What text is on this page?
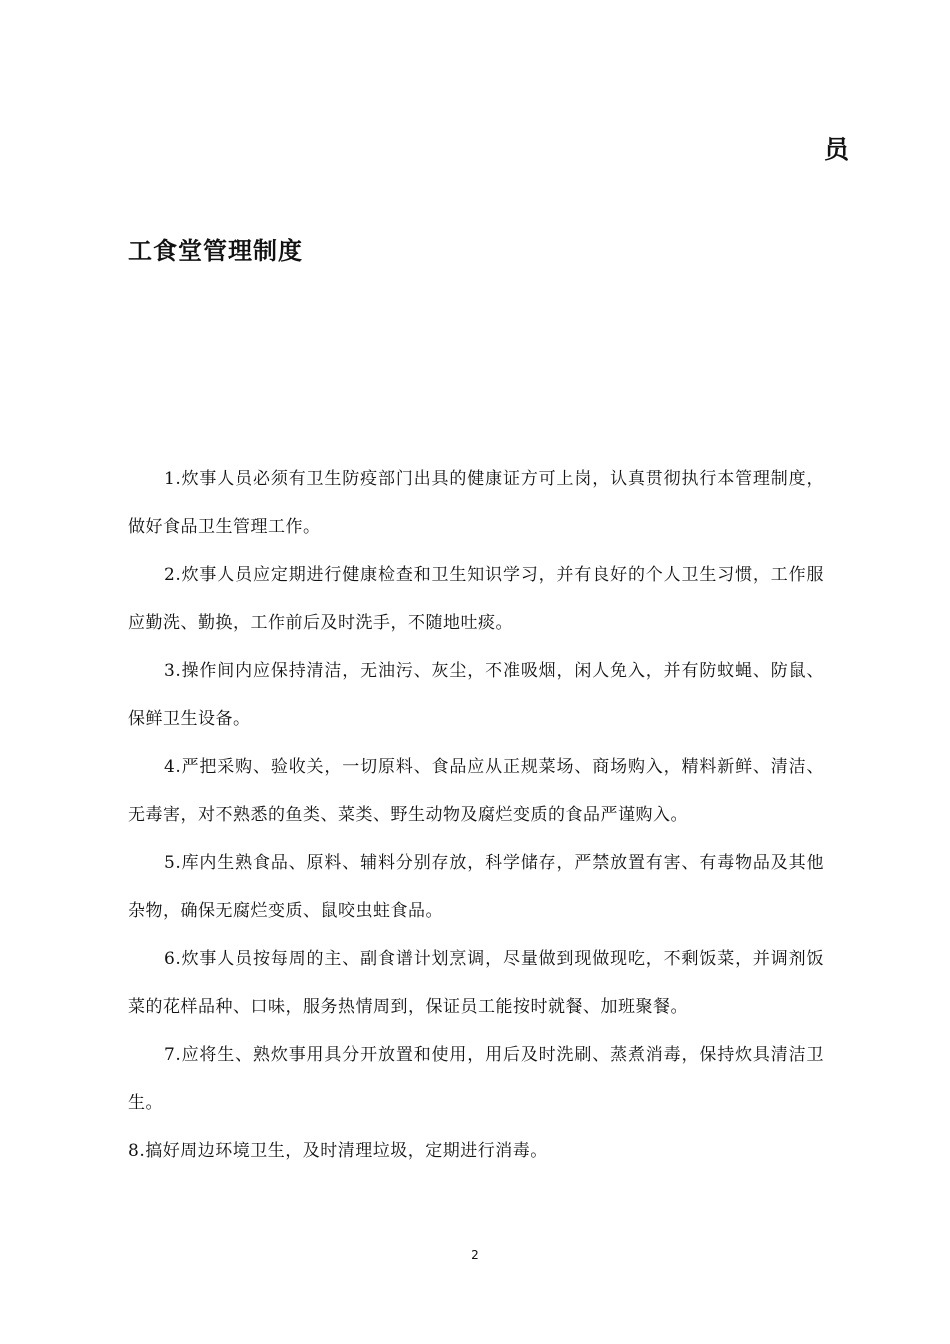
员
工食堂管理制度

1.炊事人员必须有卫生防疫部门出具的健康证方可上岗，认真贯彻执行本管理制度，做好食品卫生管理工作。

2.炊事人员应定期进行健康检查和卫生知识学习，并有良好的个人卫生习惯，工作服应勤洗、勤换，工作前后及时洗手，不随地吐痰。

3.操作间内应保持清洁，无油污、灰尘，不准吸烟，闲人免入，并有防蚊蝇、防鼠、保鲜卫生设备。

4.严把采购、验收关，一切原料、食品应从正规菜场、商场购入，精料新鲜、清洁、无毒害，对不熟悉的鱼类、菜类、野生动物及腐烂变质的食品严谨购入。

5.库内生熟食品、原料、辅料分别存放，科学储存，严禁放置有害、有毒物品及其他杂物，确保无腐烂变质、鼠咬虫蛀食品。

6.炊事人员按每周的主、副食谱计划烹调，尽量做到现做现吃，不剩饭菜，并调剂饭菜的花样品种、口味，服务热情周到，保证员工能按时就餐、加班聚餐。

7.应将生、熟炊事用具分开放置和使用，用后及时洗刷、蒸煮消毒，保持炊具清洁卫生。

8.搞好周边环境卫生，及时清理垃圾，定期进行消毒。

2
